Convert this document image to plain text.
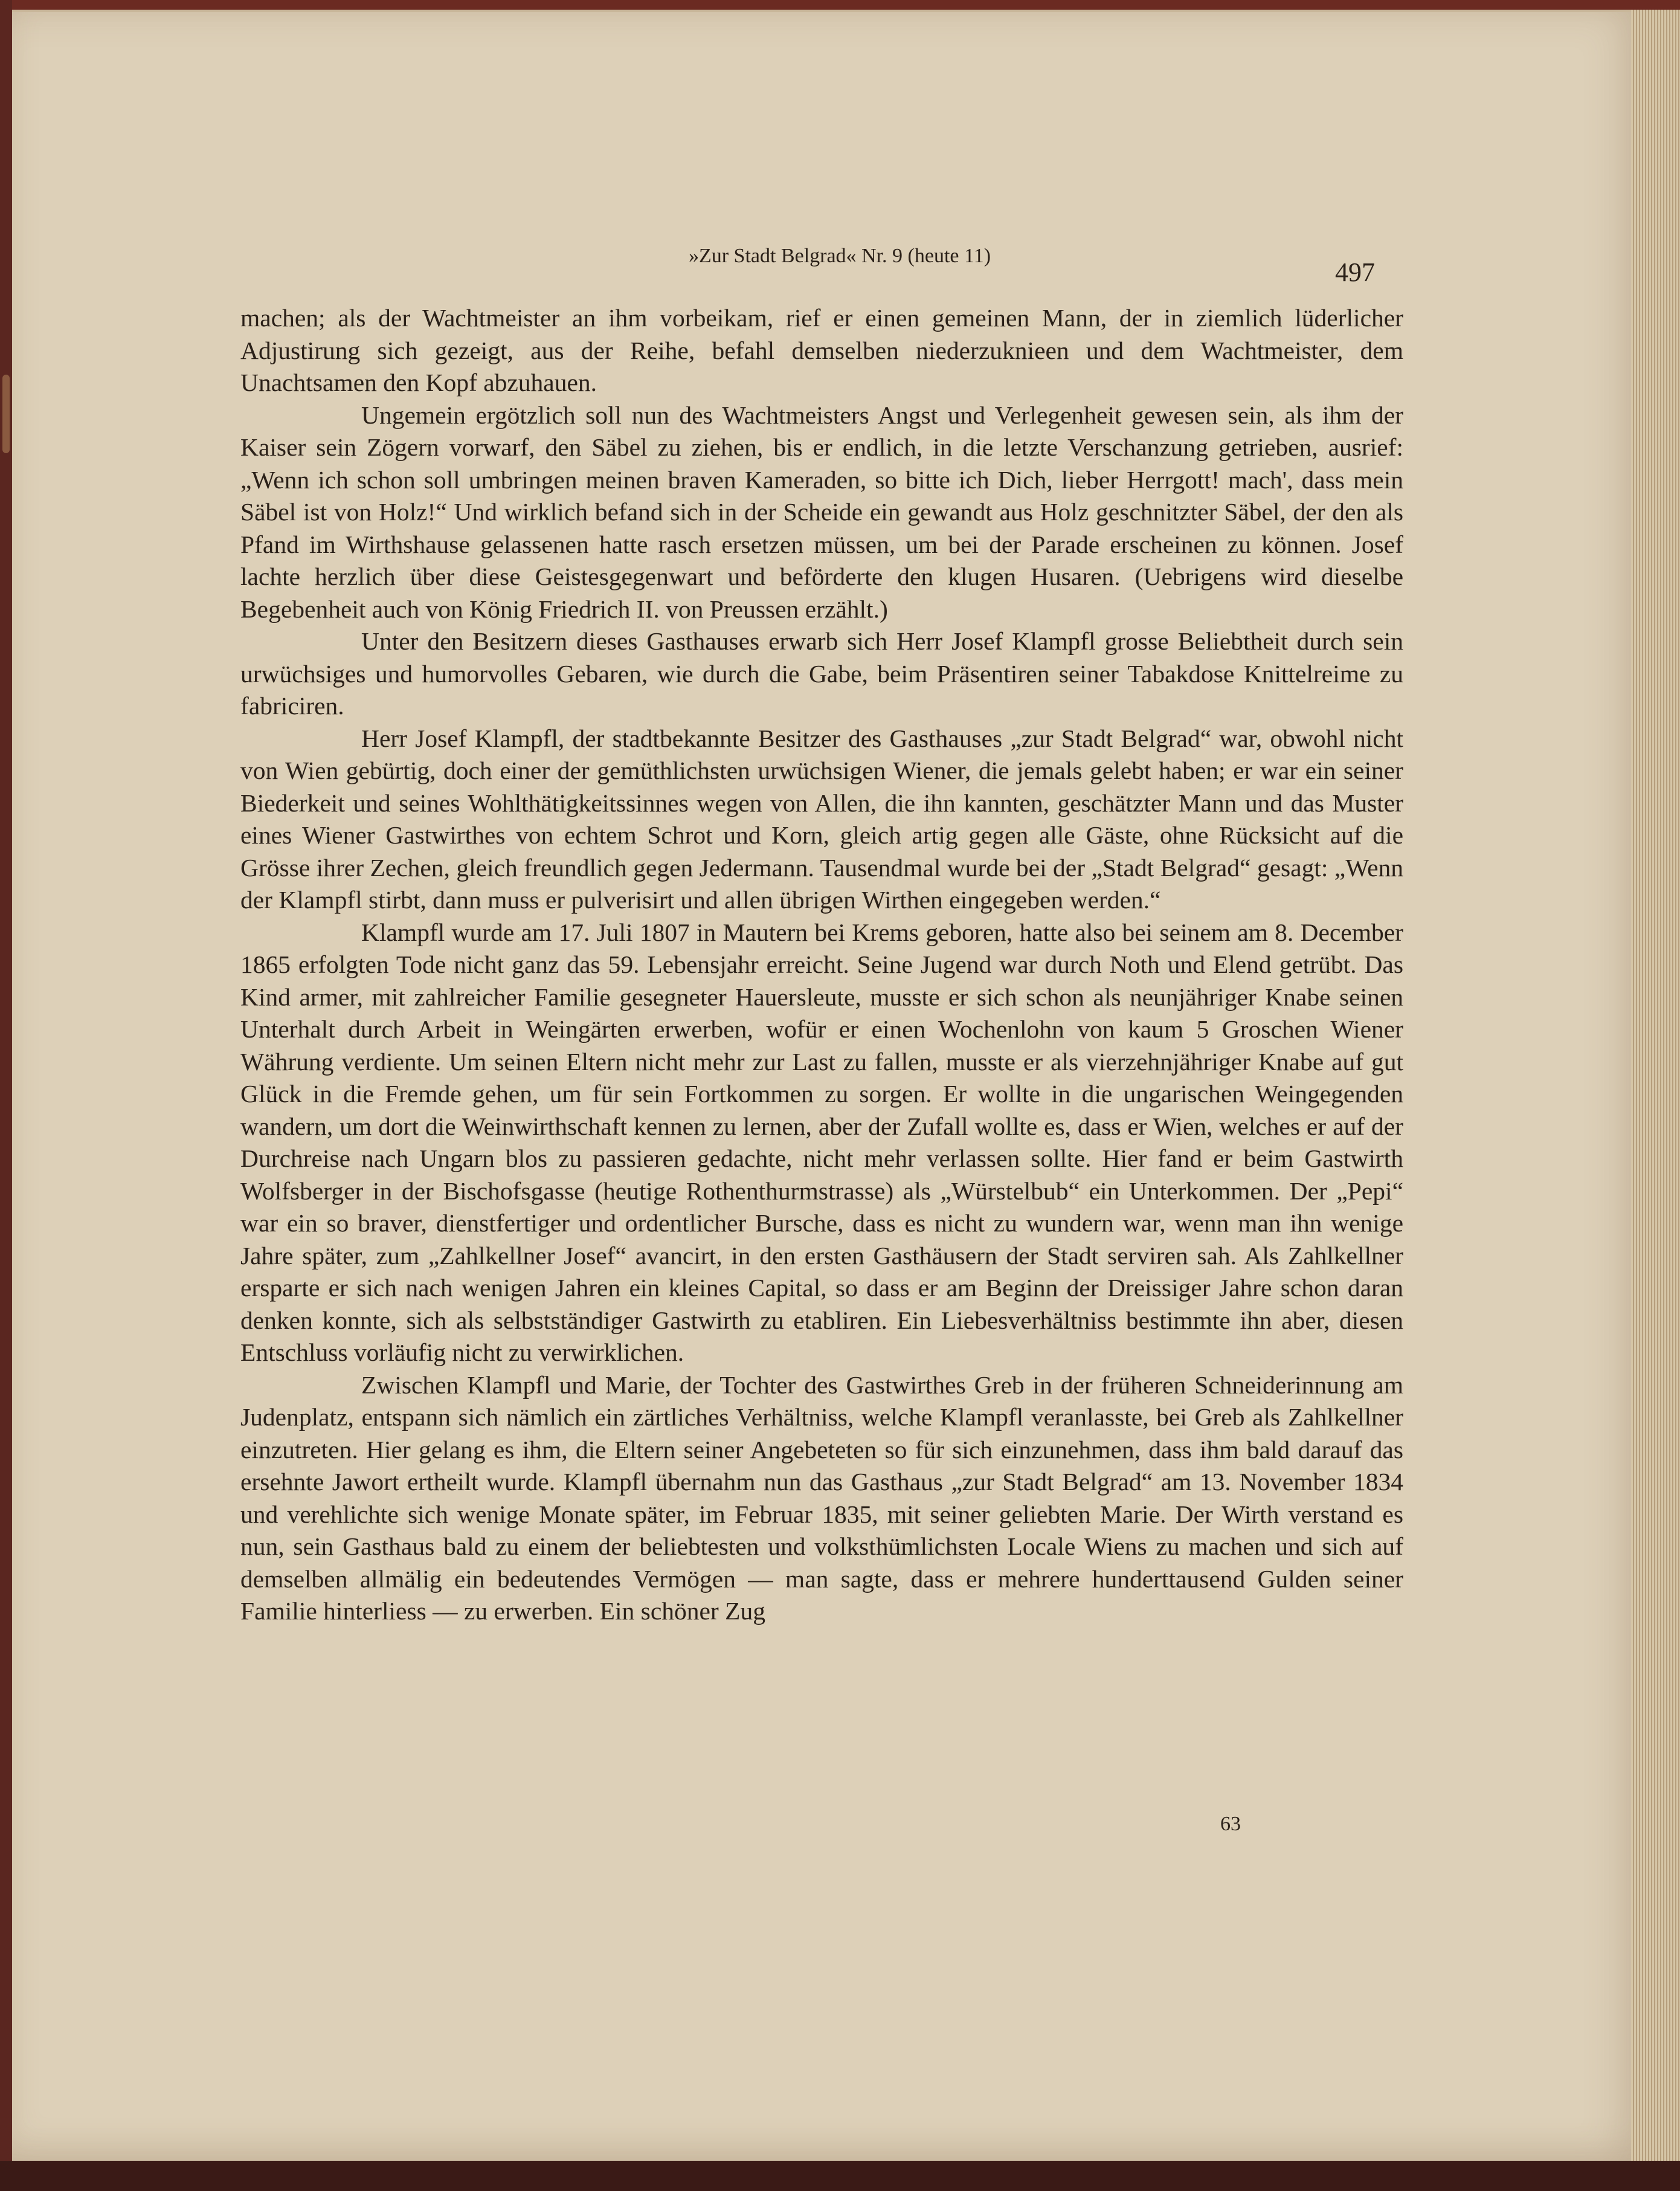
»Zur Stadt Belgrad« Nr. 9 (heute 11)
497

machen; als der Wachtmeister an ihm vorbeikam, rief er einen gemeinen Mann, der in ziemlich lüderlicher Adjustirung sich gezeigt, aus der Reihe, befahl demselben niederzuknieen und dem Wachtmeister, dem Unachtsamen den Kopf abzuhauen.

Ungemein ergötzlich soll nun des Wachtmeisters Angst und Verlegenheit gewesen sein, als ihm der Kaiser sein Zögern vorwarf, den Säbel zu ziehen, bis er endlich, in die letzte Verschanzung getrieben, ausrief: „Wenn ich schon soll umbringen meinen braven Kameraden, so bitte ich Dich, lieber Herrgott! mach', dass mein Säbel ist von Holz!“ Und wirklich befand sich in der Scheide ein gewandt aus Holz geschnitzter Säbel, der den als Pfand im Wirthshause gelassenen hatte rasch ersetzen müssen, um bei der Parade erscheinen zu können. Josef lachte herzlich über diese Geistesgegenwart und beförderte den klugen Husaren. (Uebrigens wird dieselbe Begebenheit auch von König Friedrich II. von Preussen erzählt.)

Unter den Besitzern dieses Gasthauses erwarb sich Herr Josef Klampfl grosse Beliebtheit durch sein urwüchsiges und humorvolles Gebaren, wie durch die Gabe, beim Präsentiren seiner Tabakdose Knittelreime zu fabriciren.

Herr Josef Klampfl, der stadtbekannte Besitzer des Gasthauses „zur Stadt Belgrad“ war, obwohl nicht von Wien gebürtig, doch einer der gemüthlichsten urwüchsigen Wiener, die jemals gelebt haben; er war ein seiner Biederkeit und seines Wohlthätigkeitssinnes wegen von Allen, die ihn kannten, geschätzter Mann und das Muster eines Wiener Gastwirthes von echtem Schrot und Korn, gleich artig gegen alle Gäste, ohne Rücksicht auf die Grösse ihrer Zechen, gleich freundlich gegen Jedermann. Tausendmal wurde bei der „Stadt Belgrad“ gesagt: „Wenn der Klampfl stirbt, dann muss er pulverisirt und allen übrigen Wirthen eingegeben werden.“

Klampfl wurde am 17. Juli 1807 in Mautern bei Krems geboren, hatte also bei seinem am 8. December 1865 erfolgten Tode nicht ganz das 59. Lebensjahr erreicht. Seine Jugend war durch Noth und Elend getrübt. Das Kind armer, mit zahlreicher Familie gesegneter Hauersleute, musste er sich schon als neunjähriger Knabe seinen Unterhalt durch Arbeit in Weingärten erwerben, wofür er einen Wochenlohn von kaum 5 Groschen Wiener Währung verdiente. Um seinen Eltern nicht mehr zur Last zu fallen, musste er als vierzehnjähriger Knabe auf gut Glück in die Fremde gehen, um für sein Fortkommen zu sorgen. Er wollte in die ungarischen Weingegenden wandern, um dort die Weinwirthschaft kennen zu lernen, aber der Zufall wollte es, dass er Wien, welches er auf der Durchreise nach Ungarn blos zu passieren gedachte, nicht mehr verlassen sollte. Hier fand er beim Gastwirth Wolfsberger in der Bischofsgasse (heutige Rothenthurmstrasse) als „Würstelbub“ ein Unterkommen. Der „Pepi“ war ein so braver, dienstfertiger und ordentlicher Bursche, dass es nicht zu wundern war, wenn man ihn wenige Jahre später, zum „Zahlkellner Josef“ avancirt, in den ersten Gasthäusern der Stadt serviren sah. Als Zahlkellner ersparte er sich nach wenigen Jahren ein kleines Capital, so dass er am Beginn der Dreissiger Jahre schon daran denken konnte, sich als selbstständiger Gastwirth zu etabliren. Ein Liebesverhältniss bestimmte ihn aber, diesen Entschluss vorläufig nicht zu verwirklichen.

Zwischen Klampfl und Marie, der Tochter des Gastwirthes Greb in der früheren Schneiderinnung am Judenplatz, entspann sich nämlich ein zärtliches Verhältniss, welche Klampfl veranlasste, bei Greb als Zahlkellner einzutreten. Hier gelang es ihm, die Eltern seiner Angebeteten so für sich einzunehmen, dass ihm bald darauf das ersehnte Jawort ertheilt wurde. Klampfl übernahm nun das Gasthaus „zur Stadt Belgrad“ am 13. November 1834 und verehlichte sich wenige Monate später, im Februar 1835, mit seiner geliebten Marie. Der Wirth verstand es nun, sein Gasthaus bald zu einem der beliebtesten und volksthümlichsten Locale Wiens zu machen und sich auf demselben allmälig ein bedeutendes Vermögen — man sagte, dass er mehrere hunderttausend Gulden seiner Familie hinterliess — zu erwerben. Ein schöner Zug

63
